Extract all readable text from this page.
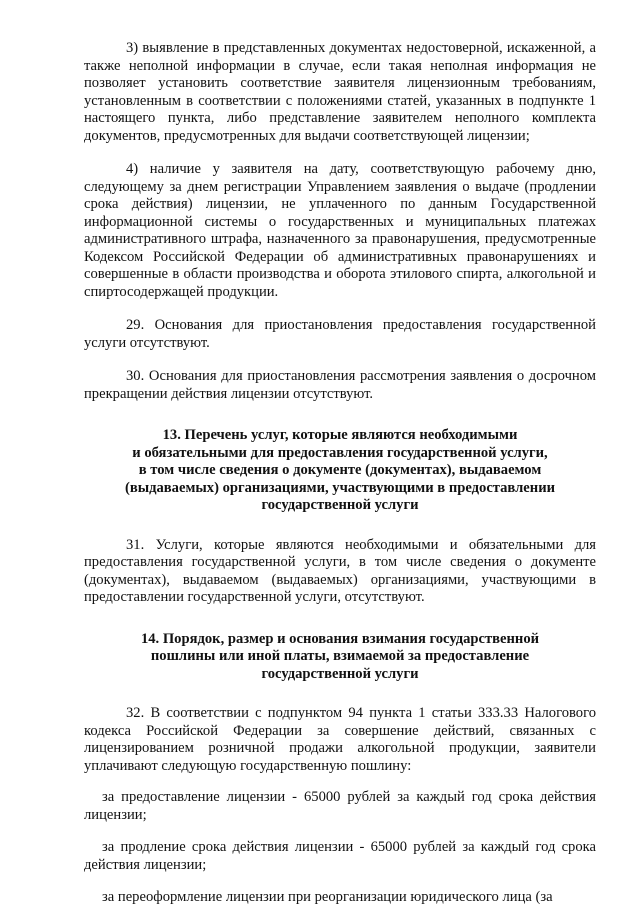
3) выявление в представленных документах недостоверной, искаженной, а также неполной информации в случае, если такая неполная информация не позволяет установить соответствие заявителя лицензионным требованиям, установленным в соответствии с положениями статей, указанных в подпункте 1 настоящего пункта, либо представление заявителем неполного комплекта документов, предусмотренных для выдачи соответствующей лицензии;

4) наличие у заявителя на дату, соответствующую рабочему дню, следующему за днем регистрации Управлением заявления о выдаче (продлении срока действия) лицензии, не уплаченного по данным Государственной информационной системы о государственных и муниципальных платежах административного штрафа, назначенного за правонарушения, предусмотренные Кодексом Российской Федерации об административных правонарушениях и совершенные в области производства и оборота этилового спирта, алкогольной и спиртосодержащей продукции.

29. Основания для приостановления предоставления государственной услуги отсутствуют.

30. Основания для приостановления рассмотрения заявления о досрочном прекращении действия лицензии отсутствуют.

13. Перечень услуг, которые являются необходимыми
и обязательными для предоставления государственной услуги,
в том числе сведения о документе (документах), выдаваемом
(выдаваемых) организациями, участвующими в предоставлении
государственной услуги

31. Услуги, которые являются необходимыми и обязательными для предоставления государственной услуги, в том числе сведения о документе (документах), выдаваемом (выдаваемых) организациями, участвующими в предоставлении государственной услуги, отсутствуют.

14. Порядок, размер и основания взимания государственной
пошлины или иной платы, взимаемой за предоставление
государственной услуги

32. В соответствии с подпунктом 94 пункта 1 статьи 333.33 Налогового кодекса Российской Федерации за совершение действий, связанных с лицензированием розничной продажи алкогольной продукции, заявители уплачивают следующую государственную пошлину:

за предоставление лицензии - 65000 рублей за каждый год срока действия лицензии;

за продление срока действия лицензии - 65000 рублей за каждый год срока действия лицензии;

за переоформление лицензии при реорганизации юридического лица (за
